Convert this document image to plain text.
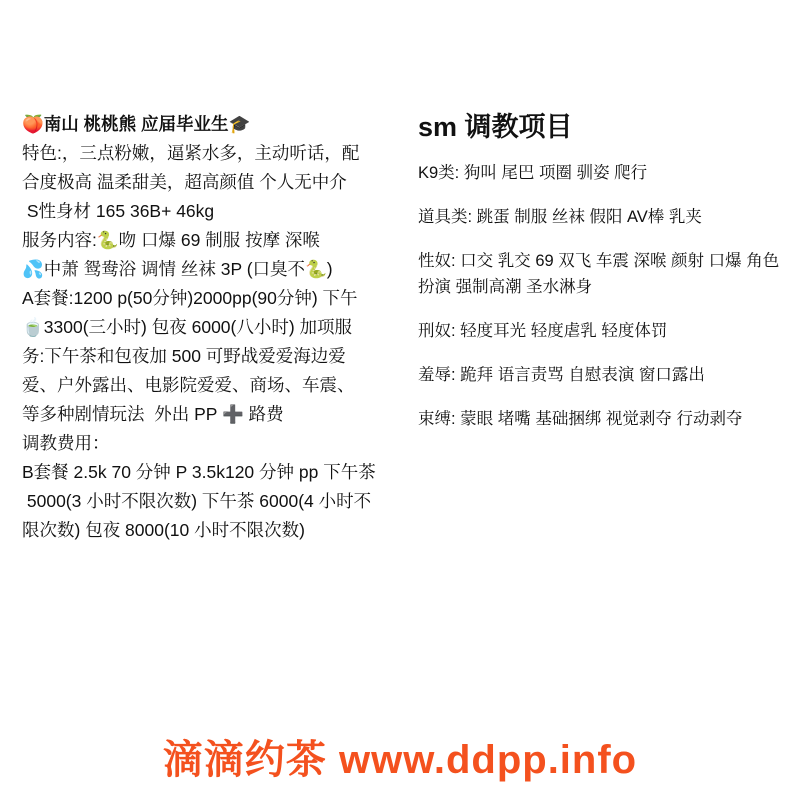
🍑南山 桃桃熊 应届毕业生🎓
特色:，三点粉嫩，逼紧水多，主动听话，配
合度极高 温柔甜美，超高颜值 个人无中介
S性身材 165 36B+ 46kg
服务内容:🐍吻 口爆 69 制服 按摩 深喉
💦中萧 鸳鸯浴 调情 丝袜 3P (口臭不🐍)
A套餐:1200 p(50分钟)2000pp(90分钟) 下午
🍵3300(三小时) 包夜 6000(八小时) 加项服
务:下午茶和包夜加 500 可野战爱爱海边爱
爱、户外露出、电影院爱爱、商场、车震、
等多种剧情玩法  外出 PP ➕ 路费
调教费用：
B套餐 2.5k 70 分钟 P 3.5k120 分钟 pp 下午茶
5000(3 小时不限次数) 下午茶 6000(4 小时不
限次数) 包夜 8000(10 小时不限次数)
sm 调教项目
K9类: 狗叫 尾巴 项圈 驯姿 爬行
道具类: 跳蛋 制服 丝袜 假阳 AV棒 乳夹
性奴: 口交 乳交 69 双飞 车震 深喉 颜射 口爆 角色扮演 强制高潮 圣水淋身
刑奴: 轻度耳光 轻度虐乳 轻度体罚
羞辱: 跪拜 语言责骂 自慰表演 窗口露出
束缚: 蒙眼 堵嘴 基础捆绑 视觉剥夺 行动剥夺
滴滴约茶 www.ddpp.info
